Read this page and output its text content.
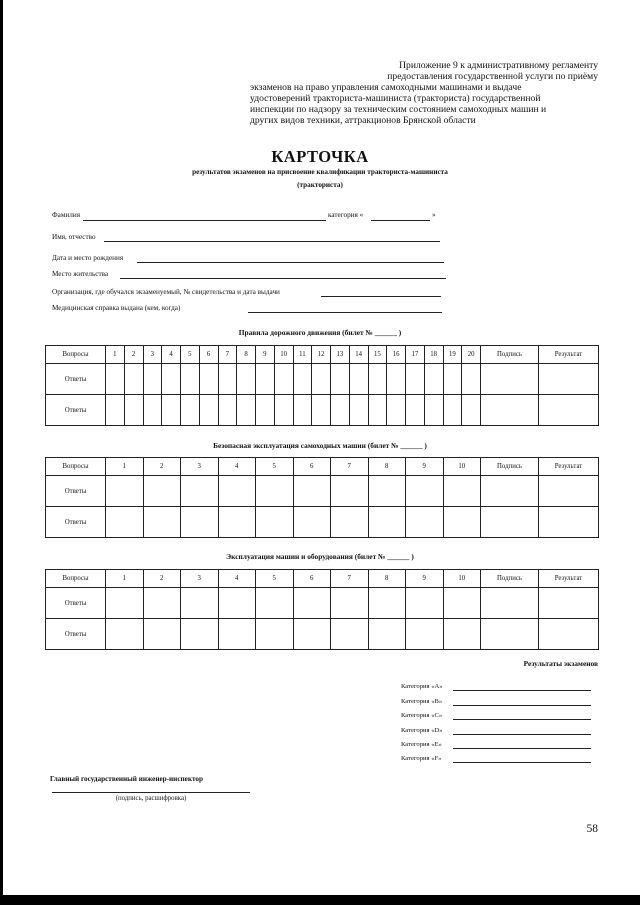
Приложение 9 к административному регламенту
предоставления государственной услуги по приёму
экзаменов на право управления самоходными машинами и выдаче
удостоверений тракториста-машиниста (тракториста) государственной
инспекции по надзору за техническим состоянием самоходных машин и
других видов техники, аттракционов Брянской области
КАРТОЧКА
результатов экзаменов на присвоение квалификации тракториста-машиниста
(тракториста)
Фамилия	категория «	»
Имя, отчество
Дата и место рождения
Место жительства
Организация, где обучался экзаменуемый, № свидетельства и дата выдачи
Медицинская справка выдана (кем, когда)
Правила дорожного движения (билет № ______ )
Вопросы	1	2	3	4	5	6	7	8	9	10	11	12	13	14	15	16	17	18	19	20	Подпись	Результат
Ответы																						
Ответы																						
Безопасная эксплуатация самоходных машин (билет № ______ )
Вопросы	1	2	3	4	5	6	7	8	9	10	Подпись	Результат
Ответы												
Ответы												
Эксплуатация машин и оборудования (билет № ______ )
Вопросы	1	2	3	4	5	6	7	8	9	10	Подпись	Результат
Ответы												
Ответы												
Результаты экзаменов
Категория «A»
Категория «B»
Категория «C»
Категория «D»
Категория «E»
Категория «F»
Главный государственный инженер-инспектор
(подпись, расшифровка)
58
